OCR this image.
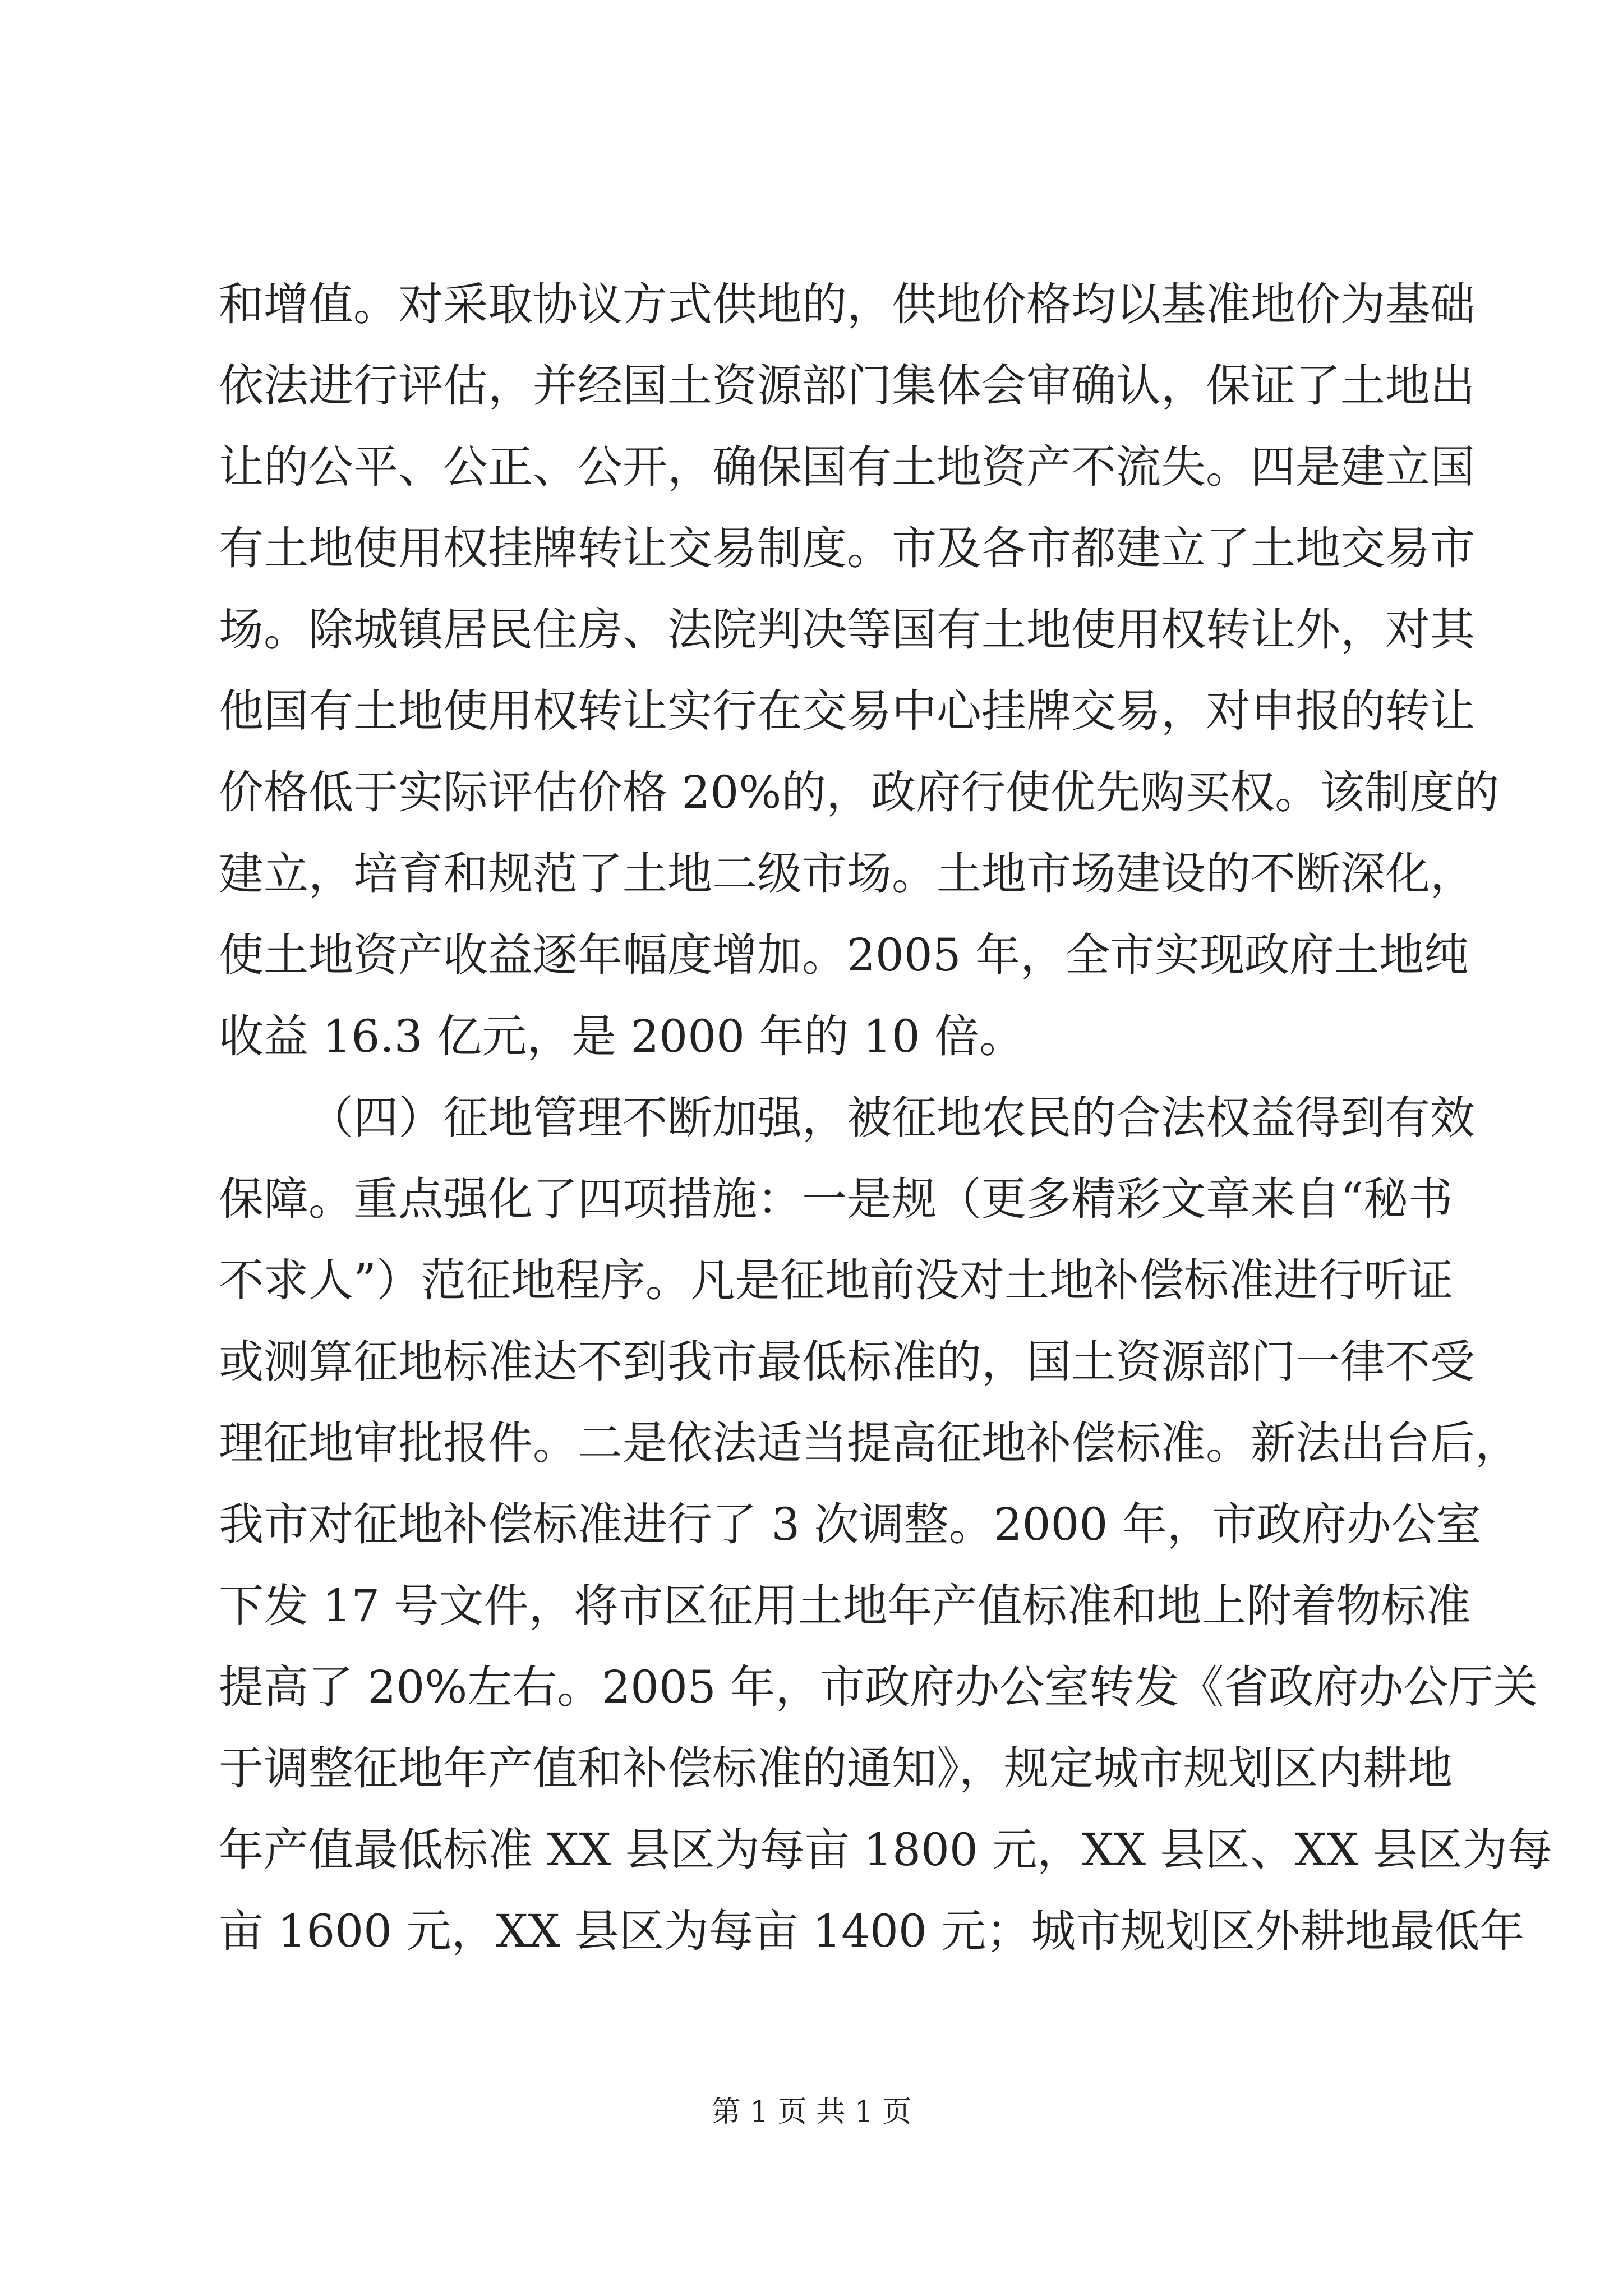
和增值。对采取协议方式供地的，供地价格均以基准地价为基础
依法进行评估，并经国土资源部门集体会审确认，保证了土地出
让的公平、公正、公开，确保国有土地资产不流失。四是建立国
有土地使用权挂牌转让交易制度。市及各市都建立了土地交易市
场。除城镇居民住房、法院判决等国有土地使用权转让外，对其
他国有土地使用权转让实行在交易中心挂牌交易，对申报的转让
价格低于实际评估价格 20%的，政府行使优先购买权。该制度的
建立，培育和规范了土地二级市场。土地市场建设的不断深化，
使土地资产收益逐年幅度增加。2005 年，全市实现政府土地纯
收益 16.3 亿元，是 2000 年的 10 倍。
（四）征地管理不断加强，被征地农民的合法权益得到有效
保障。重点强化了四项措施：一是规（更多精彩文章来自“秘书
不求人”）范征地程序。凡是征地前没对土地补偿标准进行听证
或测算征地标准达不到我市最低标准的，国土资源部门一律不受
理征地审批报件。二是依法适当提高征地补偿标准。新法出台后，
我市对征地补偿标准进行了 3 次调整。2000 年，市政府办公室
下发 17 号文件，将市区征用土地年产值标准和地上附着物标准
提高了 20%左右。2005 年，市政府办公室转发《省政府办公厅关
于调整征地年产值和补偿标准的通知》，规定城市规划区内耕地
年产值最低标准 XX 县区为每亩 1800 元，XX 县区、XX 县区为每
亩 1600 元，XX 县区为每亩 1400 元；城市规划区外耕地最低年
第 1 页 共 1 页
